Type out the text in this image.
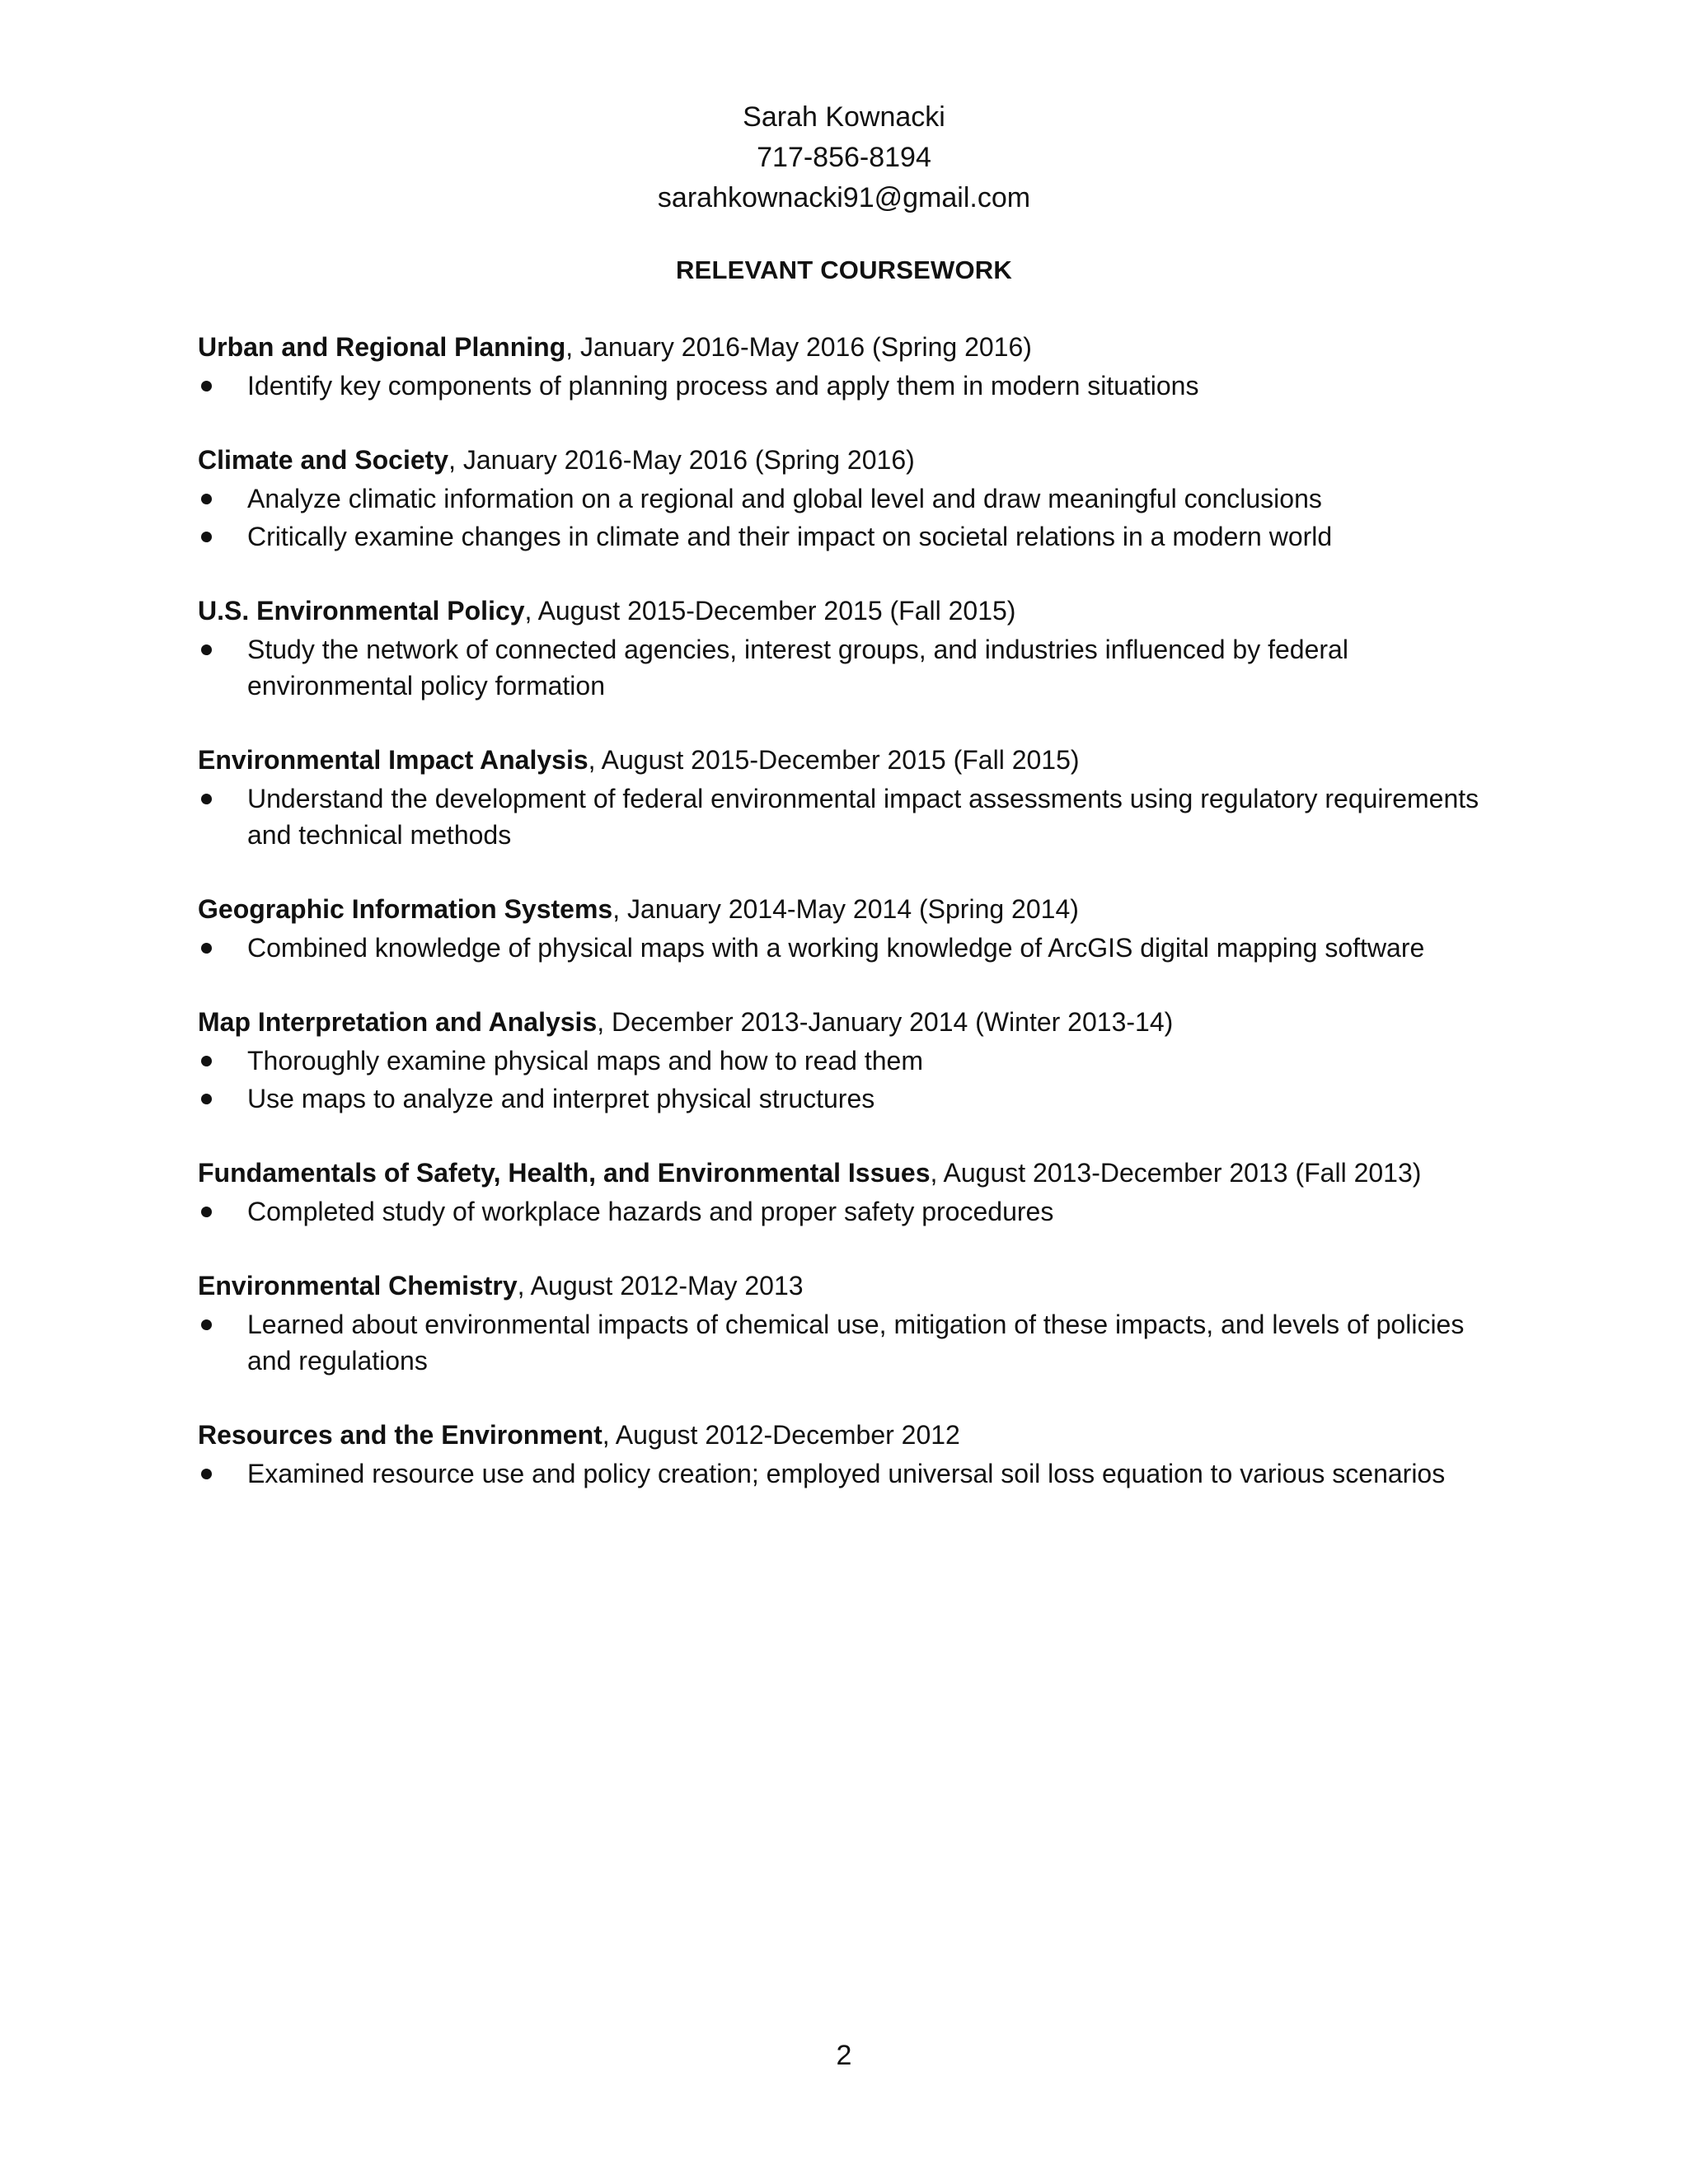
Sarah Kownacki
717-856-8194
sarahkownacki91@gmail.com
RELEVANT COURSEWORK
Urban and Regional Planning, January 2016-May 2016 (Spring 2016)
Identify key components of planning process and apply them in modern situations
Climate and Society, January 2016-May 2016 (Spring 2016)
Analyze climatic information on a regional and global level and draw meaningful conclusions
Critically examine changes in climate and their impact on societal relations in a modern world
U.S. Environmental Policy, August 2015-December 2015 (Fall 2015)
Study the network of connected agencies, interest groups, and industries influenced by federal environmental policy formation
Environmental Impact Analysis, August 2015-December 2015 (Fall 2015)
Understand the development of federal environmental impact assessments using regulatory requirements and technical methods
Geographic Information Systems, January 2014-May 2014 (Spring 2014)
Combined knowledge of physical maps with a working knowledge of ArcGIS digital mapping software
Map Interpretation and Analysis, December 2013-January 2014 (Winter 2013-14)
Thoroughly examine physical maps and how to read them
Use maps to analyze and interpret physical structures
Fundamentals of Safety, Health, and Environmental Issues, August 2013-December 2013 (Fall 2013)
Completed study of workplace hazards and proper safety procedures
Environmental Chemistry, August 2012-May 2013
Learned about environmental impacts of chemical use, mitigation of these impacts, and levels of policies and regulations
Resources and the Environment, August 2012-December 2012
Examined resource use and policy creation; employed universal soil loss equation to various scenarios
2
